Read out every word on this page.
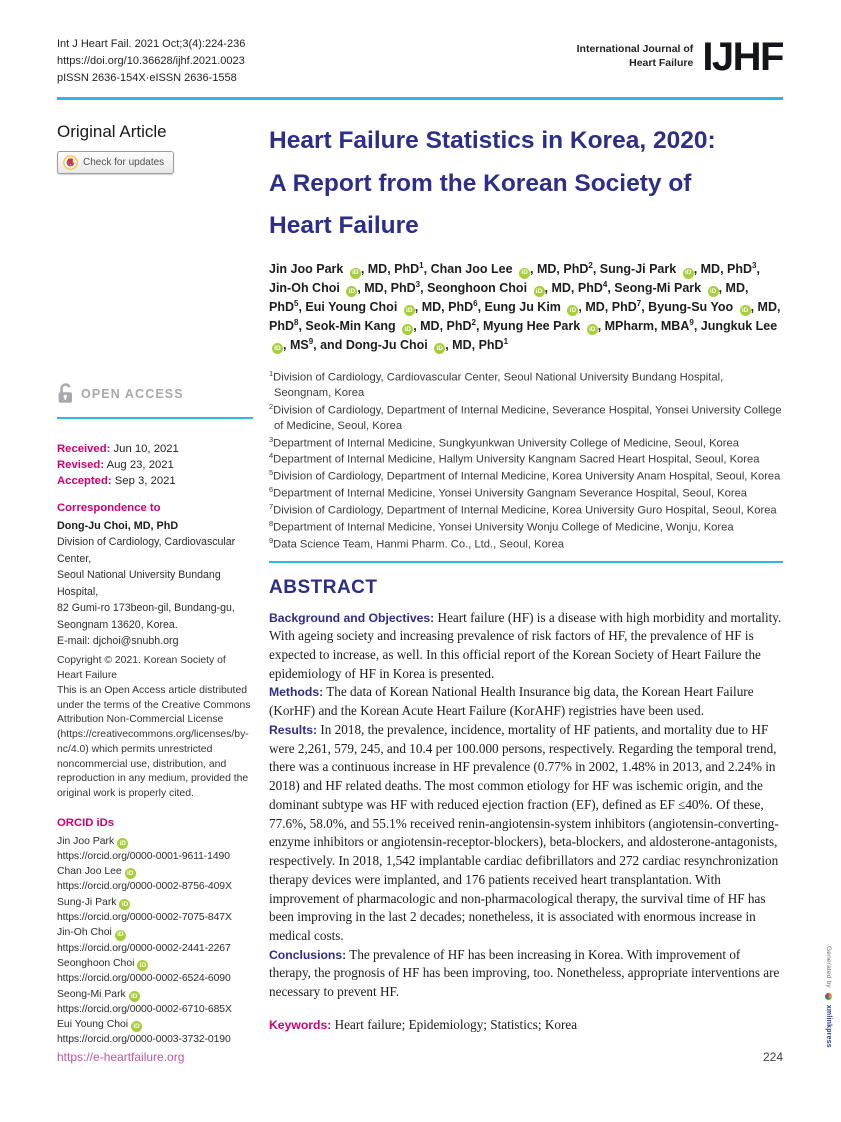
Int J Heart Fail. 2021 Oct;3(4):224-236
https://doi.org/10.36628/ijhf.2021.0023
pISSN 2636-154X·eISSN 2636-1558
International Journal of
Heart Failure IJHF
Original Article
Check for updates
OPEN ACCESS
Received: Jun 10, 2021
Revised: Aug 23, 2021
Accepted: Sep 3, 2021
Correspondence to
Dong-Ju Choi, MD, PhD
Division of Cardiology, Cardiovascular Center,
Seoul National University Bundang Hospital,
82 Gumi-ro 173beon-gil, Bundang-gu,
Seongnam 13620, Korea.
E-mail: djchoi@snubh.org

Copyright © 2021. Korean Society of Heart Failure

This is an Open Access article distributed under the terms of the Creative Commons Attribution Non-Commercial License (https://creativecommons.org/licenses/by-nc/4.0) which permits unrestricted noncommercial use, distribution, and reproduction in any medium, provided the original work is properly cited.

ORCID iDs
Jin Joo Park iD
https://orcid.org/0000-0001-9611-1490
Chan Joo Lee iD
https://orcid.org/0000-0002-8756-409X
Sung-Ji Park iD
https://orcid.org/0000-0002-7075-847X
Jin-Oh Choi iD
https://orcid.org/0000-0002-2441-2267
Seonghoon Choi iD
https://orcid.org/0000-0002-6524-6090
Seong-Mi Park iD
https://orcid.org/0000-0002-6710-685X
Eui Young Choi iD
https://orcid.org/0000-0003-3732-0190
Heart Failure Statistics in Korea, 2020:
A Report from the Korean Society of
Heart Failure

Jin Joo Park iD , MD, PhD$^1$, Chan Joo Lee iD , MD, PhD$^2$, Sung-Ji Park iD , MD, PhD$^3$, Jin-Oh Choi iD , MD, PhD$^3$, Seonghoon Choi iD , MD, PhD$^4$, Seong-Mi Park iD , MD, PhD$^5$, Eui Young Choi iD , MD, PhD$^6$, Eung Ju Kim iD , MD, PhD$^7$, Byung-Su Yoo iD , MD, PhD$^8$, Seok-Min Kang iD , MD, PhD$^2$, Myung Hee Park iD , MPharm, MBA$^9$, Jungkuk Lee iD , $MS^9$, and Dong-Ju Choi iD , MD, PhD$^1$

$^1$Division of Cardiology, Cardiovascular Center, Seoul National University Bundang Hospital, Seongnam, Korea
$^2$Division of Cardiology, Department of Internal Medicine, Severance Hospital, Yonsei University College of Medicine, Seoul, Korea
$^3$Department of Internal Medicine, Sungkyunkwan University College of Medicine, Seoul, Korea
$^4$Department of Internal Medicine, Hallym University Kangnam Sacred Heart Hospital, Seoul, Korea
$^5$Division of Cardiology, Department of Internal Medicine, Korea University Anam Hospital, Seoul, Korea
$^6$Department of Internal Medicine, Yonsei University Gangnam Severance Hospital, Seoul, Korea
$^7$Division of Cardiology, Department of Internal Medicine, Korea University Guro Hospital, Seoul, Korea
$^8$Department of Internal Medicine, Yonsei University Wonju College of Medicine, Wonju, Korea
$^9$Data Science Team, Hanmi Pharm. Co., Ltd., Seoul, Korea
ABSTRACT

Background and Objectives: Heart failure (HF) is a disease with high morbidity and mortality. With ageing society and increasing prevalence of risk factors of HF, the prevalence of HF is expected to increase, as well. In this official report of the Korean Society of Heart Failure the epidemiology of HF in Korea is presented.

Methods: The data of Korean National Health Insurance big data, the Korean Heart Failure (KorHF) and the Korean Acute Heart Failure (KorAHF) registries have been used.

Results: In 2018, the prevalence, incidence, mortality of HF patients, and mortality due to HF were 2,261, 579, 245, and 10.4 per 100.000 persons, respectively. Regarding the temporal trend, there was a continuous increase in HF prevalence (0.77% in 2002, 1.48% in 2013, and 2.24% in 2018) and HF related deaths. The most common etiology for HF was ischemic origin, and the dominant subtype was HF with reduced ejection fraction (EF), defined as EF ≤40%. Of these, 77.6%, 58.0%, and 55.1% received renin-angiotensin-system inhibitors (angiotensin-converting-enzyme inhibitors or angiotensin-receptor-blockers), beta-blockers, and aldosterone-antagonists, respectively. In 2018, 1,542 implantable cardiac defibrillators and 272 cardiac resynchronization therapy devices were implanted, and 176 patients received heart transplantation. With improvement of pharmacologic and non-pharmacological therapy, the survival time of HF has been improving in the last 2 decades; nonetheless, it is associated with enormous increase in medical costs.

Conclusions: The prevalence of HF has been increasing in Korea. With improvement of therapy, the prognosis of HF has been improving, too. Nonetheless, appropriate interventions are necessary to prevent HF.

Keywords: Heart failure; Epidemiology; Statistics; Korea

https://e-heartfailure.org	224
Generated by  xmlinkpress
